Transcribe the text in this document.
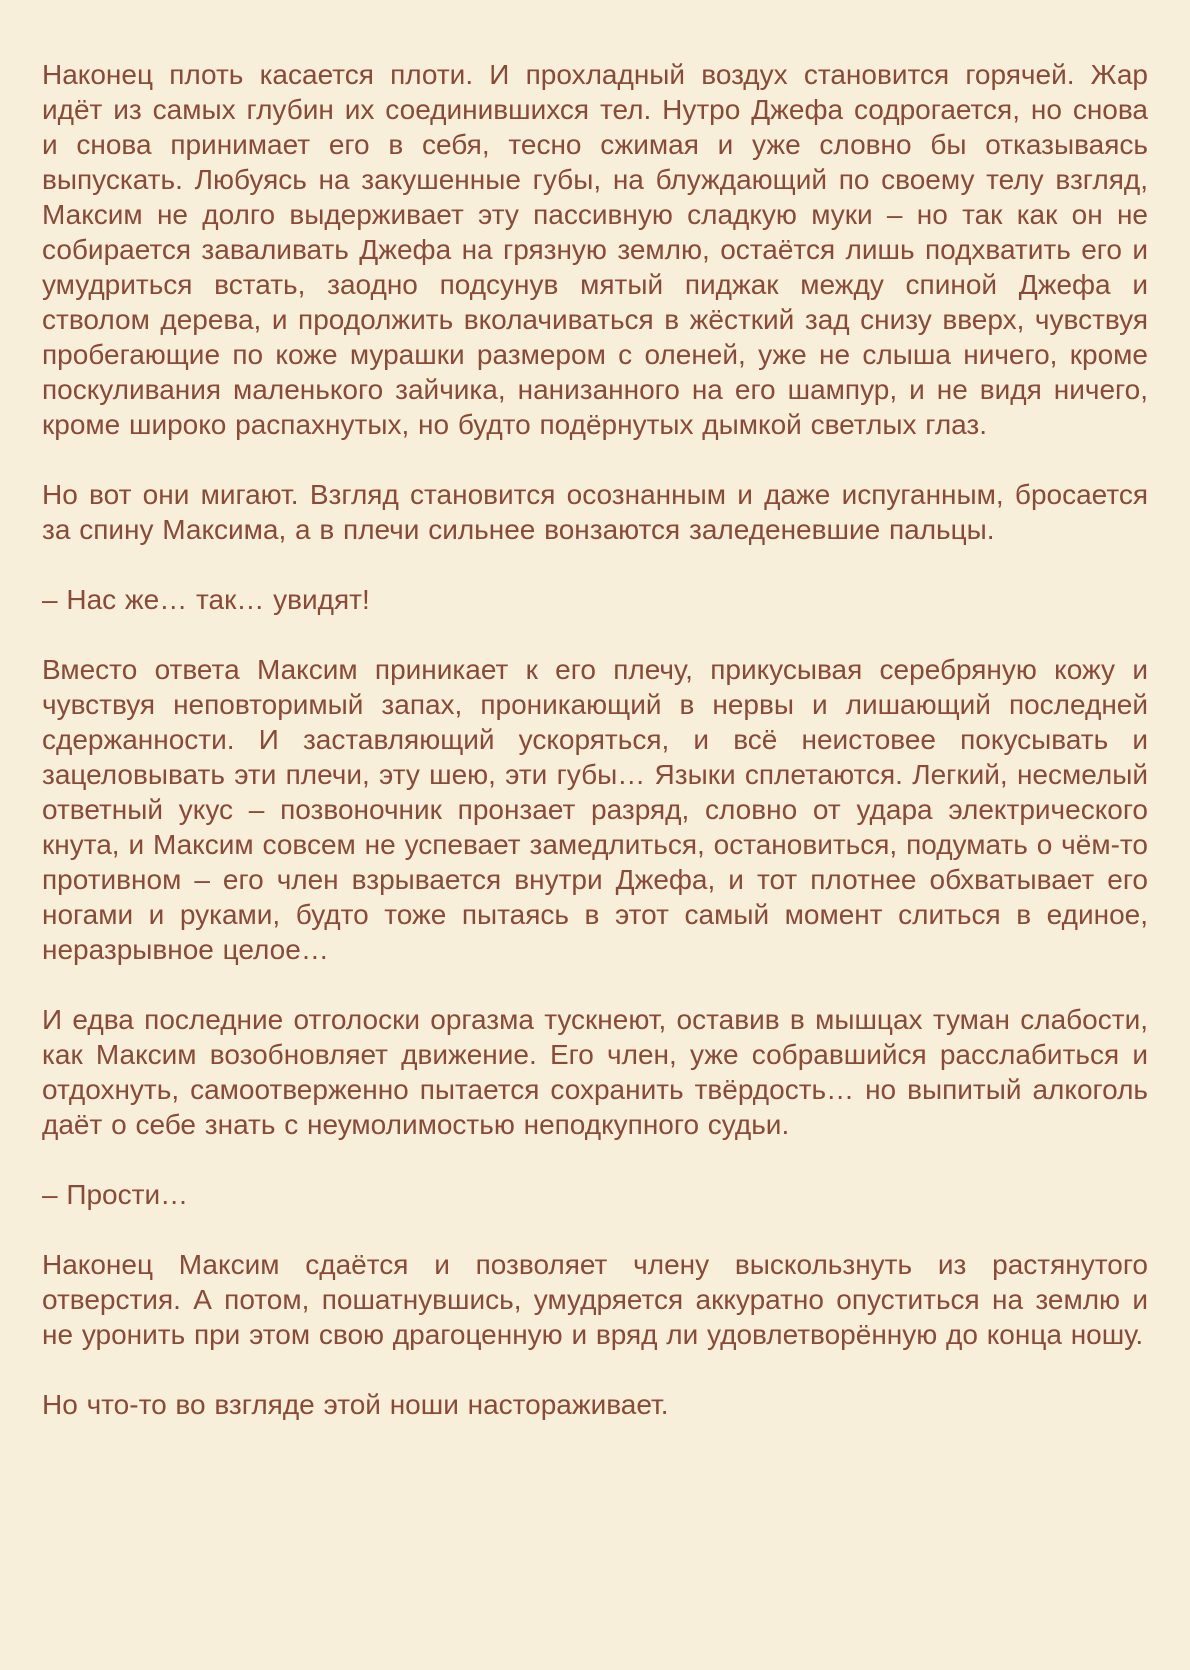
Наконец плоть касается плоти. И прохладный воздух становится горячей. Жар идёт из самых глубин их соединившихся тел. Нутро Джефа содрогается, но снова и снова принимает его в себя, тесно сжимая и уже словно бы отказываясь выпускать. Любуясь на закушенные губы, на блуждающий по своему телу взгляд, Максим не долго выдерживает эту пассивную сладкую муки – но так как он не собирается заваливать Джефа на грязную землю, остаётся лишь подхватить его и умудриться встать, заодно подсунув мятый пиджак между спиной Джефа и стволом дерева, и продолжить вколачиваться в жёсткий зад снизу вверх, чувствуя пробегающие по коже мурашки размером с оленей, уже не слыша ничего, кроме поскуливания маленького зайчика, нанизанного на его шампур, и не видя ничего, кроме широко распахнутых, но будто подёрнутых дымкой светлых глаз.

Но вот они мигают. Взгляд становится осознанным и даже испуганным, бросается за спину Максима, а в плечи сильнее вонзаются заледеневшие пальцы.

– Нас же… так… увидят!

Вместо ответа Максим приникает к его плечу, прикусывая серебряную кожу и чувствуя неповторимый запах, проникающий в нервы и лишающий последней сдержанности. И заставляющий ускоряться, и всё неистовее покусывать и зацеловывать эти плечи, эту шею, эти губы… Языки сплетаются. Легкий, несмелый ответный укус – позвоночник пронзает разряд, словно от удара электрического кнута, и Максим совсем не успевает замедлиться, остановиться, подумать о чём-то противном – его член взрывается внутри Джефа, и тот плотнее обхватывает его ногами и руками, будто тоже пытаясь в этот самый момент слиться в единое, неразрывное целое…

И едва последние отголоски оргазма тускнеют, оставив в мышцах туман слабости, как Максим возобновляет движение. Его член, уже собравшийся расслабиться и отдохнуть, самоотверженно пытается сохранить твёрдость… но выпитый алкоголь даёт о себе знать с неумолимостью неподкупного судьи.

– Прости…

Наконец Максим сдаётся и позволяет члену выскользнуть из растянутого отверстия. А потом, пошатнувшись, умудряется аккуратно опуститься на землю и не уронить при этом свою драгоценную и вряд ли удовлетворённую до конца ношу.

Но что-то во взгляде этой ноши настораживает.
